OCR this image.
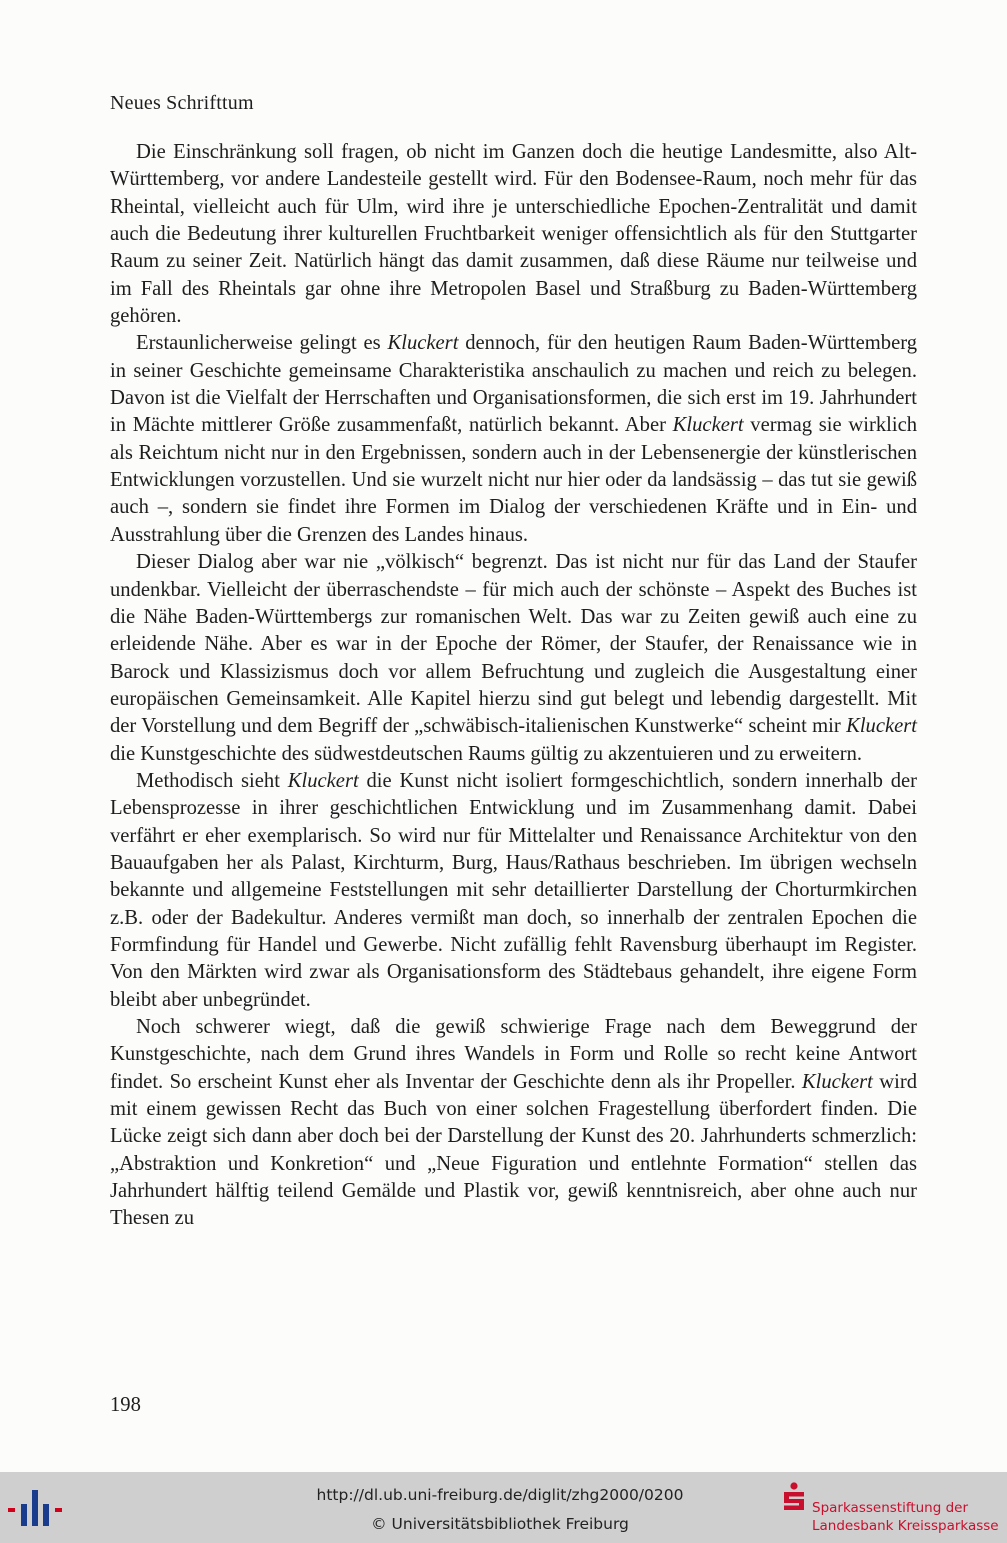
Neues Schrifttum

Die Einschränkung soll fragen, ob nicht im Ganzen doch die heutige Landesmitte, also Alt-Württemberg, vor andere Landesteile gestellt wird. Für den Bodensee-Raum, noch mehr für das Rheintal, vielleicht auch für Ulm, wird ihre je unterschiedliche Epochen-Zentralität und damit auch die Bedeutung ihrer kulturellen Fruchtbarkeit weniger offensichtlich als für den Stuttgarter Raum zu seiner Zeit. Natürlich hängt das damit zusammen, daß diese Räume nur teilweise und im Fall des Rheintals gar ohne ihre Metropolen Basel und Straßburg zu Baden-Württemberg gehören.

Erstaunlicherweise gelingt es Kluckert dennoch, für den heutigen Raum Baden-Württemberg in seiner Geschichte gemeinsame Charakteristika anschaulich zu machen und reich zu belegen. Davon ist die Vielfalt der Herrschaften und Organisationsformen, die sich erst im 19. Jahrhundert in Mächte mittlerer Größe zusammenfaßt, natürlich bekannt. Aber Kluckert vermag sie wirklich als Reichtum nicht nur in den Ergebnissen, sondern auch in der Lebensenergie der künstlerischen Entwicklungen vorzustellen. Und sie wurzelt nicht nur hier oder da landsässig – das tut sie gewiß auch –, sondern sie findet ihre Formen im Dialog der verschiedenen Kräfte und in Ein- und Ausstrahlung über die Grenzen des Landes hinaus.

Dieser Dialog aber war nie „völkisch“ begrenzt. Das ist nicht nur für das Land der Staufer undenkbar. Vielleicht der überraschendste – für mich auch der schönste – Aspekt des Buches ist die Nähe Baden-Württembergs zur romanischen Welt. Das war zu Zeiten gewiß auch eine zu erleidende Nähe. Aber es war in der Epoche der Römer, der Staufer, der Renaissance wie in Barock und Klassizismus doch vor allem Befruchtung und zugleich die Ausgestaltung einer europäischen Gemeinsamkeit. Alle Kapitel hierzu sind gut belegt und lebendig dargestellt. Mit der Vorstellung und dem Begriff der „schwäbisch-italienischen Kunstwerke“ scheint mir Kluckert die Kunstgeschichte des südwestdeutschen Raums gültig zu akzentuieren und zu erweitern.

Methodisch sieht Kluckert die Kunst nicht isoliert formgeschichtlich, sondern innerhalb der Lebensprozesse in ihrer geschichtlichen Entwicklung und im Zusammenhang damit. Dabei verfährt er eher exemplarisch. So wird nur für Mittelalter und Renaissance Architektur von den Bauaufgaben her als Palast, Kirchturm, Burg, Haus/Rathaus beschrieben. Im übrigen wechseln bekannte und allgemeine Feststellungen mit sehr detaillierter Darstellung der Chorturmkirchen z.B. oder der Badekultur. Anderes vermißt man doch, so innerhalb der zentralen Epochen die Formfindung für Handel und Gewerbe. Nicht zufällig fehlt Ravensburg überhaupt im Register. Von den Märkten wird zwar als Organisationsform des Städtebaus gehandelt, ihre eigene Form bleibt aber unbegründet.

Noch schwerer wiegt, daß die gewiß schwierige Frage nach dem Beweggrund der Kunstgeschichte, nach dem Grund ihres Wandels in Form und Rolle so recht keine Antwort findet. So erscheint Kunst eher als Inventar der Geschichte denn als ihr Propeller. Kluckert wird mit einem gewissen Recht das Buch von einer solchen Fragestellung überfordert finden. Die Lücke zeigt sich dann aber doch bei der Darstellung der Kunst des 20. Jahrhunderts schmerzlich: „Abstraktion und Konkretion“ und „Neue Figuration und entlehnte Formation“ stellen das Jahrhundert hälftig teilend Gemälde und Plastik vor, gewiß kenntnisreich, aber ohne auch nur Thesen zu

198
http://dl.ub.uni-freiburg.de/diglit/zhg2000/0200
© Universitätsbibliothek Freiburg
Sparkassenstiftung der
Landesbank Kreissparkasse
